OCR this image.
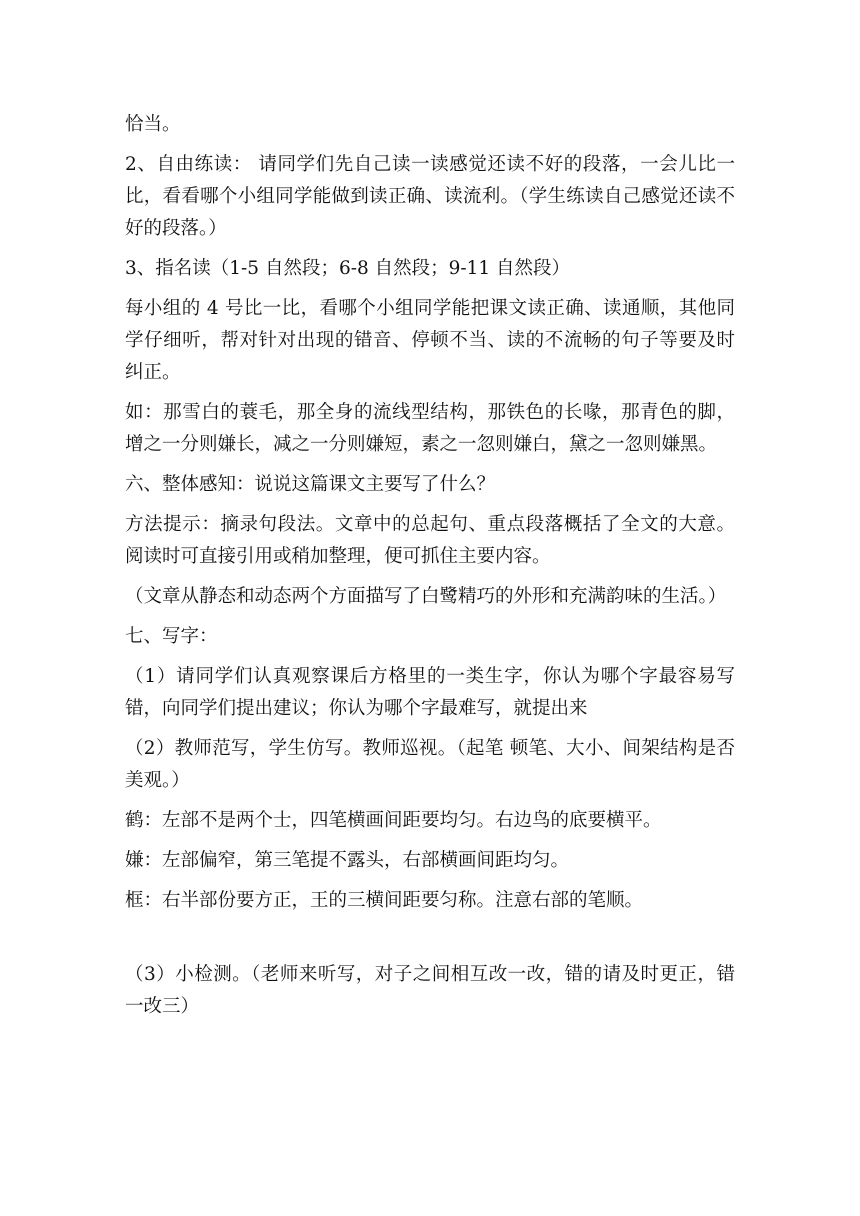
恰当。

2、自由练读： 请同学们先自己读一读感觉还读不好的段落，一会儿比一比，看看哪个小组同学能做到读正确、读流利。（学生练读自己感觉还读不好的段落。）

3、指名读（1-5 自然段；6-8 自然段；9-11 自然段）

每小组的 4 号比一比，看哪个小组同学能把课文读正确、读通顺，其他同学仔细听，帮对针对出现的错音、停顿不当、读的不流畅的句子等要及时纠正。

如：那雪白的蓑毛，那全身的流线型结构，那铁色的长喙，那青色的脚，增之一分则嫌长，减之一分则嫌短，素之一忽则嫌白，黛之一忽则嫌黑。

六、整体感知：说说这篇课文主要写了什么？

方法提示：摘录句段法。文章中的总起句、重点段落概括了全文的大意。阅读时可直接引用或稍加整理，便可抓住主要内容。

（文章从静态和动态两个方面描写了白鹭精巧的外形和充满韵味的生活。）

七、写字：

（1）请同学们认真观察课后方格里的一类生字，你认为哪个字最容易写错，向同学们提出建议；你认为哪个字最难写，就提出来

（2）教师范写，学生仿写。教师巡视。（起笔 顿笔、大小、间架结构是否美观。）

鹤：左部不是两个士，四笔横画间距要均匀。右边鸟的底要横平。

嫌：左部偏窄，第三笔提不露头，右部横画间距均匀。

框：右半部份要方正，王的三横间距要匀称。注意右部的笔顺。

（3）小检测。（老师来听写，对子之间相互改一改，错的请及时更正，错一改三）
